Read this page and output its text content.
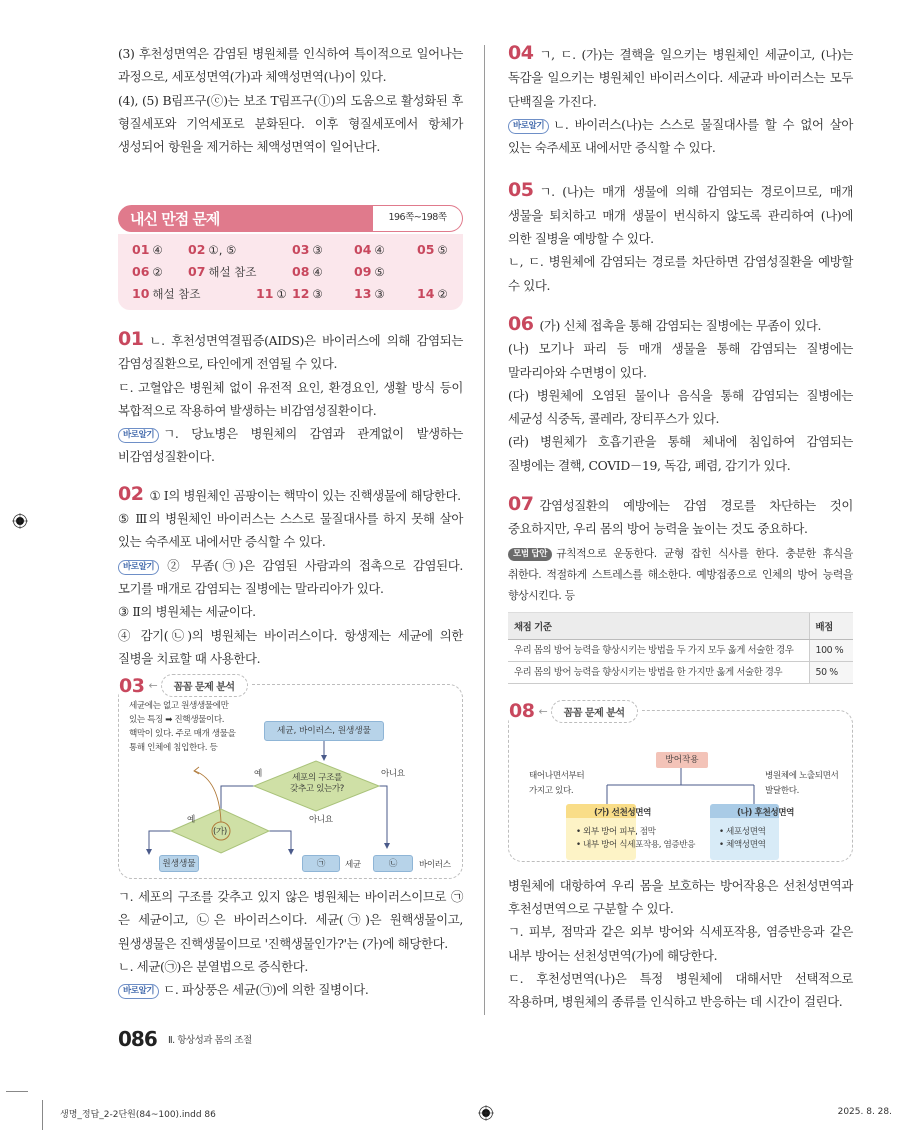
(3) 후천성면역은 감염된 병원체를 인식하여 특이적으로 일어나는 과정으로, 세포성면역(가)과 체액성면역(나)이 있다.

(4), (5) B림프구(ⓒ)는 보조 T림프구(ⓛ)의 도움으로 활성화된 후 형질세포와 기억세포로 분화된다. 이후 형질세포에서 항체가 생성되어 항원을 제거하는 체액성면역이 일어난다.

내신 만점 문제	196쪽~198쪽
01 ④ 02 ①, ⑤	03 ③	04 ④	05 ⑤
06 ② 07 해설 참조	08 ④	09 ⑤
10 해설 참조	11 ① 12 ③	13 ③	14 ②

01 ㄴ. 후천성면역결핍증(AIDS)은 바이러스에 의해 감염되는 감염성질환으로, 타인에게 전염될 수 있다.

ㄷ. 고혈압은 병원체 없이 유전적 요인, 환경요인, 생활 방식 등이 복합적으로 작용하여 발생하는 비감염성질환이다.

바로알기 ㄱ. 당뇨병은 병원체의 감염과 관계없이 발생하는 비감염성질환이다.

02 ① Ⅰ의 병원체인 곰팡이는 핵막이 있는 진핵생물에 해당한다.

⑤ Ⅲ의 병원체인 바이러스는 스스로 물질대사를 하지 못해 살아 있는 숙주세포 내에서만 증식할 수 있다.

바로알기 ② 무좀(㉠)은 감염된 사람과의 접촉으로 감염된다. 모기를 매개로 감염되는 질병에는 말라리아가 있다.

③ Ⅱ의 병원체는 세균이다.

④ 감기(㉡)의 병원체는 바이러스이다. 항생제는 세균에 의한 질병을 치료할 때 사용한다.

03 ←	꼼꼼 문제 분석
세균에는 없고 원생생물에만
있는 특징 ➡ 진핵생물이다.
핵막이 있다. 주로 매개 생물을
통해 인체에 침입한다. 등
세균, 바이러스, 원생생물
세포의 구조를
갖추고 있는가?
(가)
예	아니요
예	아니요
원생생물	㉠	세균	㉡	바이러스

ㄱ. 세포의 구조를 갖추고 있지 않은 병원체는 바이러스이므로 ㉠은 세균이고, ㉡은 바이러스이다. 세균(㉠)은 원핵생물이고, 원생생물은 진핵생물이므로 '진핵생물인가?'는 (가)에 해당한다.

ㄴ. 세균(㉠)은 분열법으로 증식한다.

바로알기 ㄷ. 파상풍은 세균(㉠)에 의한 질병이다.

04 ㄱ, ㄷ. (가)는 결핵을 일으키는 병원체인 세균이고, (나)는 독감을 일으키는 병원체인 바이러스이다. 세균과 바이러스는 모두 단백질을 가진다.

바로알기 ㄴ. 바이러스(나)는 스스로 물질대사를 할 수 없어 살아 있는 숙주세포 내에서만 증식할 수 있다.

05 ㄱ. (나)는 매개 생물에 의해 감염되는 경로이므로, 매개 생물을 퇴치하고 매개 생물이 번식하지 않도록 관리하여 (나)에 의한 질병을 예방할 수 있다.

ㄴ, ㄷ. 병원체에 감염되는 경로를 차단하면 감염성질환을 예방할 수 있다.

06 (가) 신체 접촉을 통해 감염되는 질병에는 무좀이 있다.

(나) 모기나 파리 등 매개 생물을 통해 감염되는 질병에는 말라리아와 수면병이 있다.

(다) 병원체에 오염된 물이나 음식을 통해 감염되는 질병에는 세균성 식중독, 콜레라, 장티푸스가 있다.

(라) 병원체가 호흡기관을 통해 체내에 침입하여 감염되는 질병에는 결핵, COVID－19, 독감, 폐렴, 감기가 있다.

07 감염성질환의 예방에는 감염 경로를 차단하는 것이 중요하지만, 우리 몸의 방어 능력을 높이는 것도 중요하다.

모범 답안 규칙적으로 운동한다. 균형 잡힌 식사를 한다. 충분한 휴식을 취한다. 적절하게 스트레스를 해소한다. 예방접종으로 인체의 방어 능력을 향상시킨다. 등

채점 기준	배점
우리 몸의 방어 능력을 향상시키는 방법을 두 가지 모두 옳게 서술한 경우	100 %
우리 몸의 방어 능력을 향상시키는 방법을 한 가지만 옳게 서술한 경우	50 %
08 ←	꼼꼼 문제 분석
방어작용
태어나면서부터
가지고 있다.
병원체에 노출되면서
발달한다.
(가) 선천성면역
• 외부 방어 피부, 점막
• 내부 방어 식세포작용, 염증반응
(나) 후천성면역
• 세포성면역
• 체액성면역

병원체에 대항하여 우리 몸을 보호하는 방어작용은 선천성면역과 후천성면역으로 구분할 수 있다.

ㄱ. 피부, 점막과 같은 외부 방어와 식세포작용, 염증반응과 같은 내부 방어는 선천성면역(가)에 해당한다.

ㄷ. 후천성면역(나)은 특정 병원체에 대해서만 선택적으로 작용하며, 병원체의 종류를 인식하고 반응하는 데 시간이 걸린다.

086 Ⅱ. 항상성과 몸의 조절
생명_정답_2-2단원(84~100).indd 86	2025. 8. 28.
